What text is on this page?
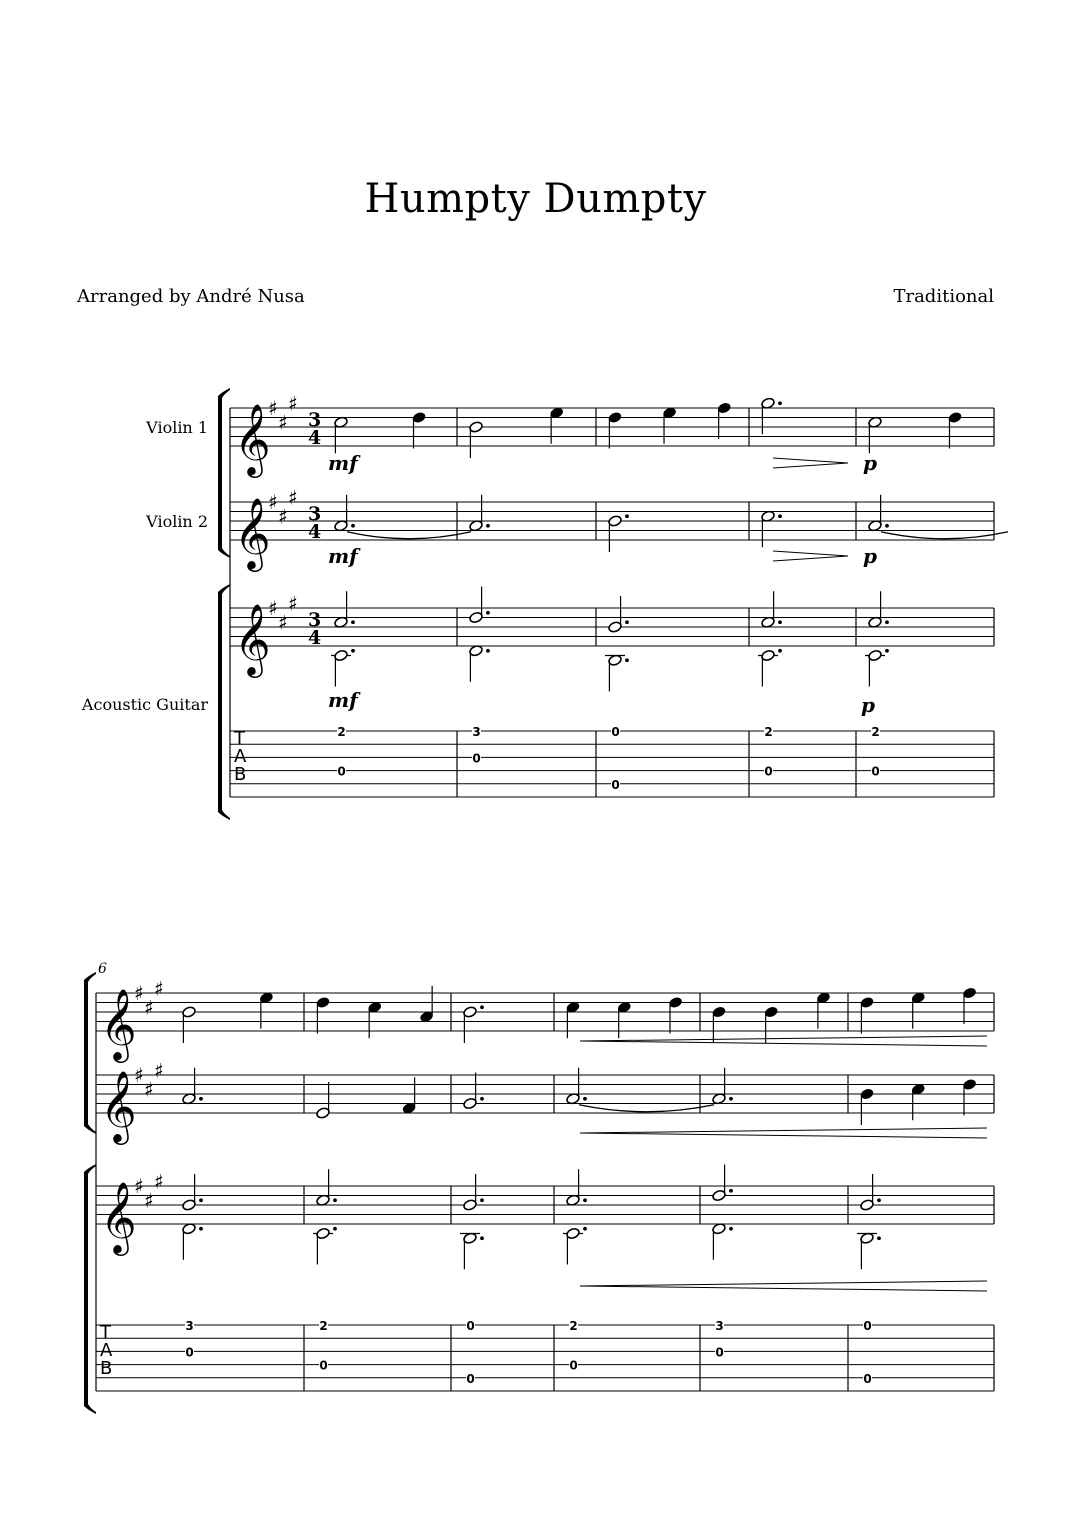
Humpty Dumpty
Arranged by André Nusa	Traditional
𝄞
♯
♯
♯
3
4
𝄞
♯
♯
♯
3
4
𝄞
♯
♯
♯
3
4
T
A
B
Violin 1
Violin 2
Acoustic Guitar
2
0
3
0
0
0
2
0
2
0
mf
mf
mf
p
p
p
𝄞
♯
♯
♯
𝄞
♯
♯
♯
𝄞
♯
♯
♯
T
A
B
6
3
0
2
0
0
0
2
0
3
0
0
0
